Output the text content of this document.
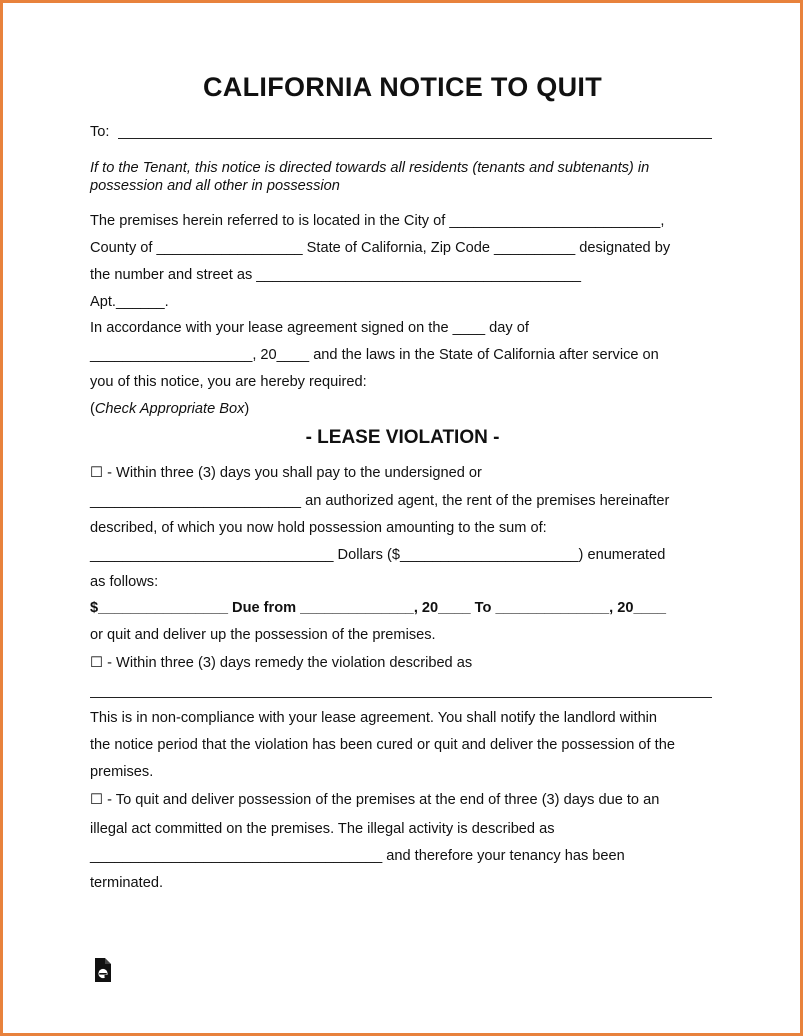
CALIFORNIA NOTICE TO QUIT
To:
If to the Tenant, this notice is directed towards all residents (tenants and subtenants) in
possession and all other in possession
The premises herein referred to is located in the City of __________________________,
County of __________________ State of California, Zip Code __________ designated by
the number and street as ________________________________________
Apt.______.
In accordance with your lease agreement signed on the ____ day of
____________________, 20____ and the laws in the State of California after service on
you of this notice, you are hereby required:
(Check Appropriate Box)
- LEASE VIOLATION -
☐ - Within three (3) days you shall pay to the undersigned or
__________________________ an authorized agent, the rent of the premises hereinafter
described, of which you now hold possession amounting to the sum of:
______________________________ Dollars ($______________________) enumerated
as follows:
$________________ Due from ______________, 20____ To ______________, 20____
or quit and deliver up the possession of the premises.
☐ - Within three (3) days remedy the violation described as
This is in non-compliance with your lease agreement. You shall notify the landlord within
the notice period that the violation has been cured or quit and deliver the possession of the
premises.
☐ - To quit and deliver possession of the premises at the end of three (3) days due to an
illegal act committed on the premises. The illegal activity is described as
____________________________________ and therefore your tenancy has been
terminated.
